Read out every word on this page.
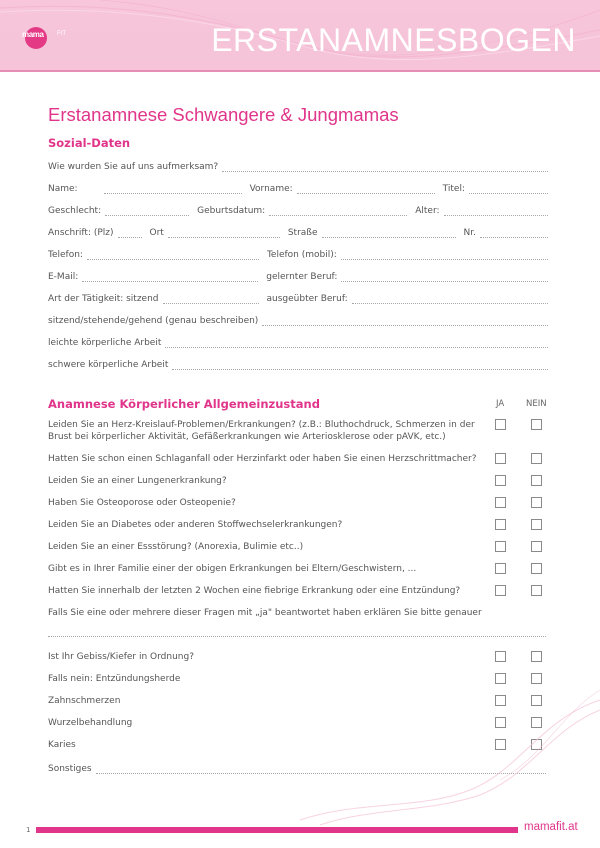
mama FIT	ERSTANAMNESBOGEN
Erstanamnese Schwangere & Jungmamas
Sozial-Daten
Wie wurden Sie auf uns aufmerksam?
Name:	Vorname:	Titel:
Geschlecht:	Geburtsdatum:	Alter:
Anschrift: (Plz)	Ort	Straße	Nr.
Telefon:	Telefon (mobil):
E-Mail:	gelernter Beruf:
Art der Tätigkeit: sitzend	ausgeübter Beruf:
sitzend/stehende/gehend (genau beschreiben)
leichte körperliche Arbeit
schwere körperliche Arbeit
Anamnese Körperlicher Allgemeinzustand	JA	NEIN
Leiden Sie an Herz-Kreislauf-Problemen/Erkrankungen? (z.B.: Bluthochdruck, Schmerzen in der Brust bei körperlicher Aktivität, Gefäßerkrankungen wie Arteriosklerose oder pAVK, etc.)
Hatten Sie schon einen Schlaganfall oder Herzinfarkt oder haben Sie einen Herzschrittmacher?
Leiden Sie an einer Lungenerkrankung?
Haben Sie Osteoporose oder Osteopenie?
Leiden Sie an Diabetes oder anderen Stoffwechselerkrankungen?
Leiden Sie an einer Essstörung? (Anorexia, Bulimie etc..)
Gibt es in Ihrer Familie einer der obigen Erkrankungen bei Eltern/Geschwistern, ...
Hatten Sie innerhalb der letzten 2 Wochen eine fiebrige Erkrankung oder eine Entzündung?
Falls Sie eine oder mehrere dieser Fragen mit „ja" beantwortet haben erklären Sie bitte genauer
Ist Ihr Gebiss/Kiefer in Ordnung?
Falls nein: Entzündungsherde
Zahnschmerzen
Wurzelbehandlung
Karies
Sonstiges
1	mamafit.at
